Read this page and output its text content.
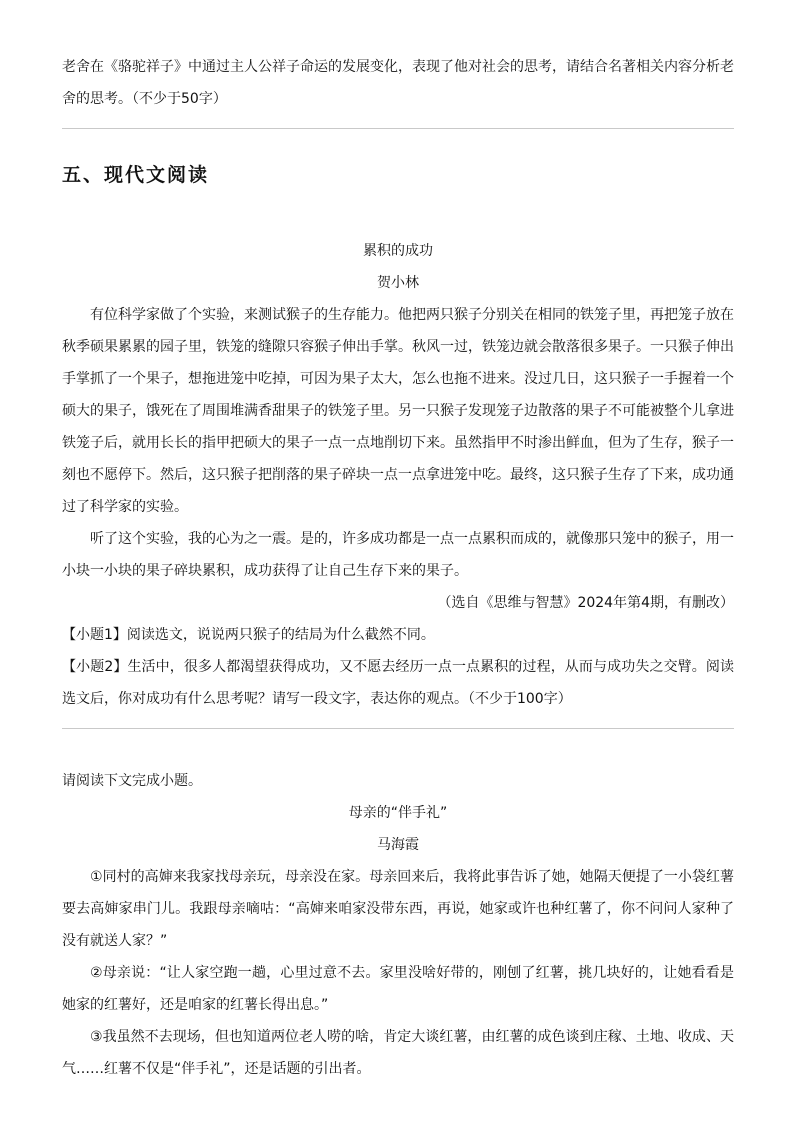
老舍在《骆驼祥子》中通过主人公祥子命运的发展变化，表现了他对社会的思考，请结合名著相关内容分析老舍的思考。（不少于50字）

五、现代文阅读

累积的成功

贺小林

有位科学家做了个实验，来测试猴子的生存能力。他把两只猴子分别关在相同的铁笼子里，再把笼子放在秋季硕果累累的园子里，铁笼的缝隙只容猴子伸出手掌。秋风一过，铁笼边就会散落很多果子。一只猴子伸出手掌抓了一个果子，想拖进笼中吃掉，可因为果子太大，怎么也拖不进来。没过几日，这只猴子一手握着一个硕大的果子，饿死在了周围堆满香甜果子的铁笼子里。另一只猴子发现笼子边散落的果子不可能被整个儿拿进铁笼子后，就用长长的指甲把硕大的果子一点一点地削切下来。虽然指甲不时渗出鲜血，但为了生存，猴子一刻也不愿停下。然后，这只猴子把削落的果子碎块一点一点拿进笼中吃。最终，这只猴子生存了下来，成功通过了科学家的实验。

听了这个实验，我的心为之一震。是的，许多成功都是一点一点累积而成的，就像那只笼中的猴子，用一小块一小块的果子碎块累积，成功获得了让自己生存下来的果子。

（选自《思维与智慧》2024年第4期，有删改）

【小题1】阅读选文，说说两只猴子的结局为什么截然不同。

【小题2】生活中，很多人都渴望获得成功，又不愿去经历一点一点累积的过程，从而与成功失之交臂。阅读选文后，你对成功有什么思考呢？请写一段文字，表达你的观点。（不少于100字）

请阅读下文完成小题。

母亲的“伴手礼”

马海霞

①同村的高婶来我家找母亲玩，母亲没在家。母亲回来后，我将此事告诉了她，她隔天便提了一小袋红薯要去高婶家串门儿。我跟母亲嘀咕：“高婶来咱家没带东西，再说，她家或许也种红薯了，你不问问人家种了没有就送人家？”

②母亲说：“让人家空跑一趟，心里过意不去。家里没啥好带的，刚刨了红薯，挑几块好的，让她看看是她家的红薯好，还是咱家的红薯长得出息。”

③我虽然不去现场，但也知道两位老人唠的啥，肯定大谈红薯，由红薯的成色谈到庄稼、土地、收成、天气……红薯不仅是“伴手礼”，还是话题的引出者。
